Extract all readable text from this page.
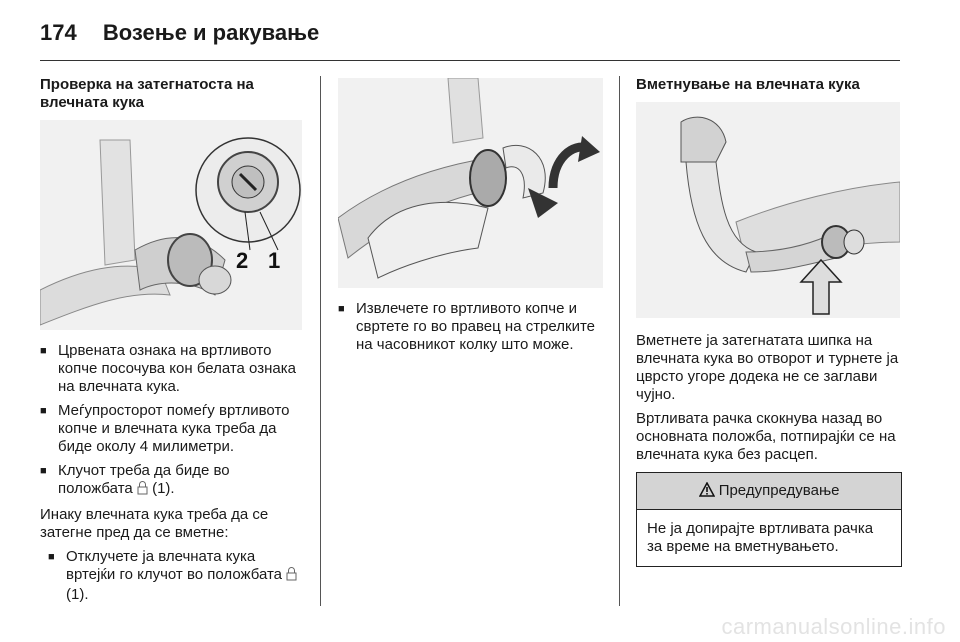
174 Возење и ракување
Проверка на затегнатоста на влечната кука
2 1
■ Црвената ознака на вртливото копче посочува кон белата ознака на влечната кука.
■ Меѓупросторот помеѓу вртливото копче и влечната кука треба да биде околу 4 милиметри.
■ Клучот треба да биде во положбата (1).

Инаку влечната кука треба да се затегне пред да се вметне:

■ Отклучете ја влечната кука вртејќи го клучот во положбата  (1).
■ Извлечете го вртливото копче и свртете го во правец на стрелките на часовникот колку што може.
Вметнување на влечната кука

Вметнете ја затегнатата шипка на влечната кука во отворот и турнете ја цврсто угоре додека не се заглави чујно.

Вртливата рачка скокнува назад во основната положба, потпирајќи се на влечната кука без расцеп.

Предупредување
Не ја допирајте вртливата рачка за време на вметнувањето.
carmanualsonline.info
